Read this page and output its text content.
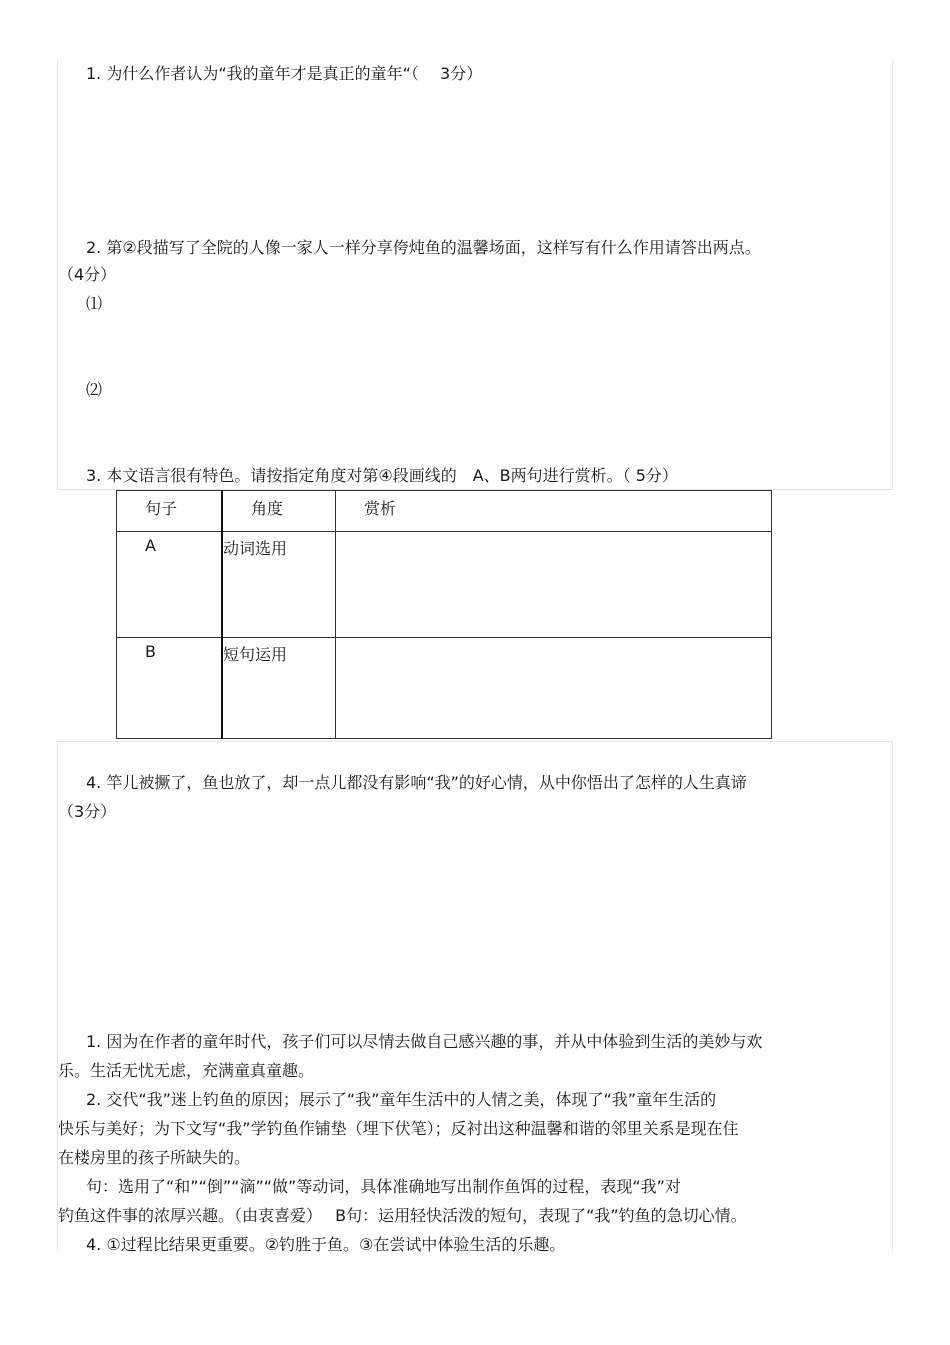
1. 为什么作者认为“我的童年才是真正的童年“（　 3分）
2. 第②段描写了全院的人像一家人一样分享侉炖鱼的温馨场面，这样写有什么作用请答出两点。
（4分）
⑴
⑵
3. 本文语言很有特色。请按指定角度对第④段画线的　A、B两句进行赏析。（ 5分）
句子	角度	赏析

A	动词选用	

B	短句运用	

4. 竿儿被撅了，鱼也放了，却一点儿都没有影响“我”的好心情，从中你悟出了怎样的人生真谛
（3分）
1. 因为在作者的童年时代，孩子们可以尽情去做自己感兴趣的事，并从中体验到生活的美妙与欢
乐。生活无忧无虑，充满童真童趣。
2. 交代“我”迷上钓鱼的原因；展示了“我”童年生活中的人情之美，体现了“我”童年生活的
快乐与美好；为下文写“我”学钓鱼作铺垫（埋下伏笔）；反衬出这种温馨和谐的邻里关系是现在住
在楼房里的孩子所缺失的。
句：选用了“和”“倒”“滴”“做”等动词，具体准确地写出制作鱼饵的过程，表现“我”对
钓鱼这件事的浓厚兴趣。（由衷喜爱）　 B句：运用轻快活泼的短句，表现了“我”钓鱼的急切心情。
4. ①过程比结果更重要。②钓胜于鱼。③在尝试中体验生活的乐趣。
